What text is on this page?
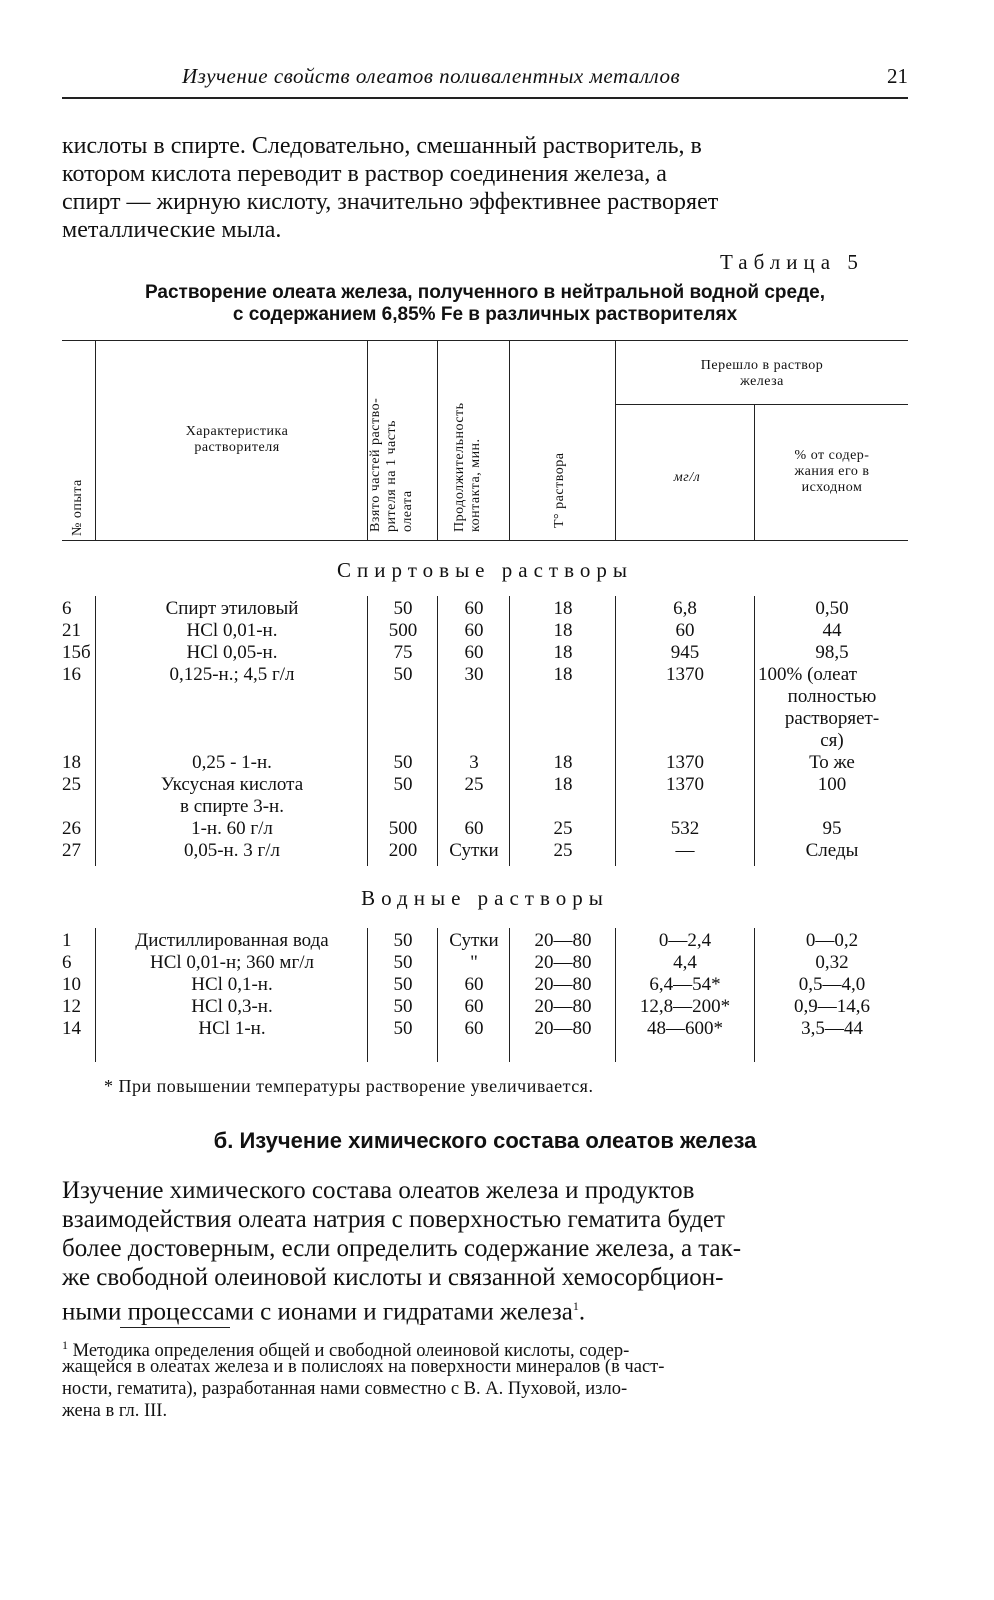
Изучение свойств олеатов поливалентных металлов	21
кислоты в спирте. Следовательно, смешанный растворитель, в
котором кислота переводит в раствор соединения железа, а
спирт — жирную кислоту, значительно эффективнее растворяет
металлические мыла.
Таблица 5
Растворение олеата железа, полученного в нейтральной водной среде,
с содержанием 6,85% Fe в различных растворителях
№ опыта
Характеристика растворителя	Взято частей раство- рителя на 1 часть олеата	Продолжительность контакта, мин.	T° раствора
Перешло в раствор
железа
мг/л
% от содер-
жания его в
исходном
Спиртовые растворы
Водные растворы
6	Спирт этиловый	50	60	18	6,8	0,50
21	HCl 0,01-н.	500	60	18	60	44
15б	HCl 0,05-н.	75	60	18	945	98,5
16	0,125-н.; 4,5 г/л	50	30	18	1370	100% (олеат
полностью
растворяет-
ся)
18	0,25 - 1-н.	50	3	18	1370	То же
25	Уксусная кислота	50	25	18	1370	100
в спирте 3-н.
26	1-н. 60 г/л	500	60	25	532	95
27	0,05-н. 3 г/л	200	Сутки	25	—	Следы
1	Дистиллированная вода	50	Сутки	20—80	0—2,4	0—0,2
6	HCl 0,01-н; 360 мг/л	50	"	20—80	4,4	0,32
10	HCl 0,1-н.	50	60	20—80	6,4—54*	0,5—4,0
12	HCl 0,3-н.	50	60	20—80	12,8—200*	0,9—14,6
14	HCl 1-н.	50	60	20—80	48—600*	3,5—44
* При повышении температуры растворение увеличивается.
б. Изучение химического состава олеатов железа
Изучение химического состава олеатов железа и продуктов
взаимодействия олеата натрия с поверхностью гематита будет
более достоверным, если определить содержание железа, а так-
же свободной олеиновой кислоты и связанной хемосорбцион-
ными процессами с ионами и гидратами железа$^1$.
$^1$ Методика определения общей и свободной олеиновой кислоты, содер-
жащейся в олеатах железа и в полислоях на поверхности минералов (в част-
ности, гематита), разработанная нами совместно с В. А. Пуховой, изло-
жена в гл. III.
